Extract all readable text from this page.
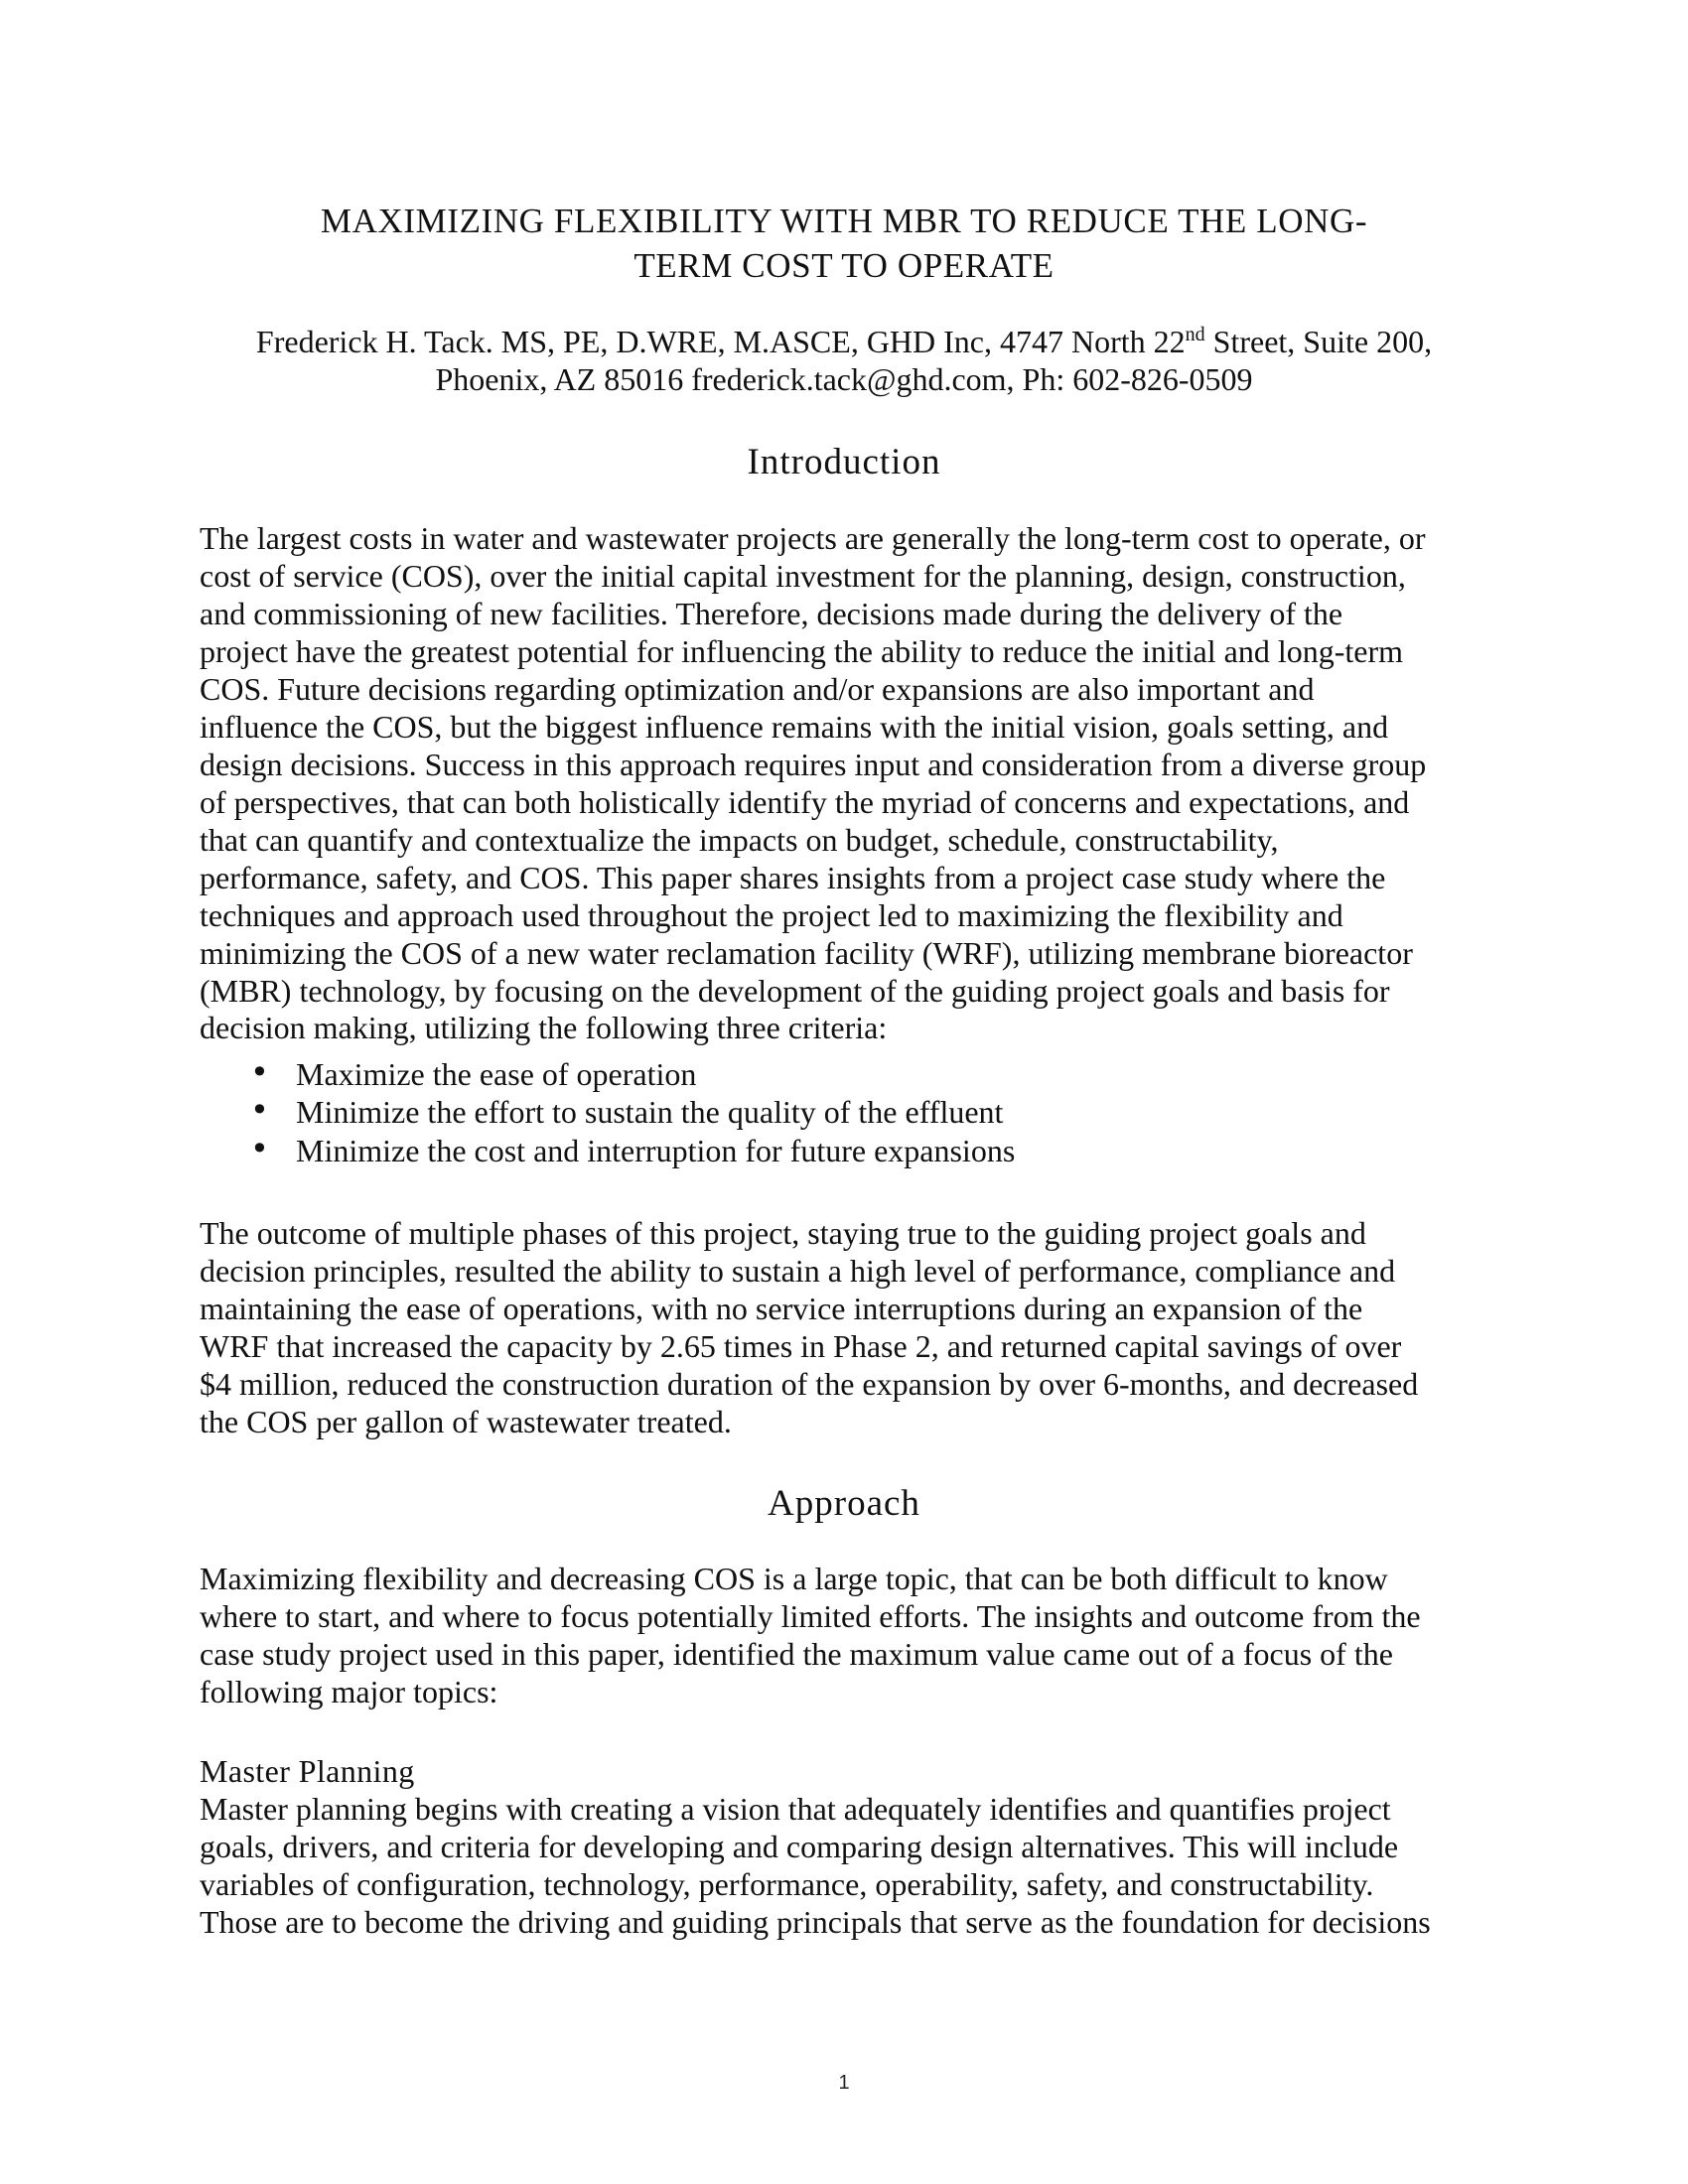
MAXIMIZING FLEXIBILITY WITH MBR TO REDUCE THE LONG-
TERM COST TO OPERATE
Frederick H. Tack. MS, PE, D.WRE, M.ASCE, GHD Inc, 4747 North 22nd Street, Suite 200,
Phoenix, AZ 85016 frederick.tack@ghd.com, Ph: 602-826-0509
Introduction
The largest costs in water and wastewater projects are generally the long-term cost to operate, or
cost of service (COS), over the initial capital investment for the planning, design, construction,
and commissioning of new facilities. Therefore, decisions made during the delivery of the
project have the greatest potential for influencing the ability to reduce the initial and long-term
COS. Future decisions regarding optimization and/or expansions are also important and
influence the COS, but the biggest influence remains with the initial vision, goals setting, and
design decisions. Success in this approach requires input and consideration from a diverse group
of perspectives, that can both holistically identify the myriad of concerns and expectations, and
that can quantify and contextualize the impacts on budget, schedule, constructability,
performance, safety, and COS. This paper shares insights from a project case study where the
techniques and approach used throughout the project led to maximizing the flexibility and
minimizing the COS of a new water reclamation facility (WRF), utilizing membrane bioreactor
(MBR) technology, by focusing on the development of the guiding project goals and basis for
decision making, utilizing the following three criteria:
• Maximize the ease of operation
• Minimize the effort to sustain the quality of the effluent
• Minimize the cost and interruption for future expansions
The outcome of multiple phases of this project, staying true to the guiding project goals and
decision principles, resulted the ability to sustain a high level of performance, compliance and
maintaining the ease of operations, with no service interruptions during an expansion of the
WRF that increased the capacity by 2.65 times in Phase 2, and returned capital savings of over
$4 million, reduced the construction duration of the expansion by over 6-months, and decreased
the COS per gallon of wastewater treated.
Approach
Maximizing flexibility and decreasing COS is a large topic, that can be both difficult to know
where to start, and where to focus potentially limited efforts. The insights and outcome from the
case study project used in this paper, identified the maximum value came out of a focus of the
following major topics:
Master Planning
Master planning begins with creating a vision that adequately identifies and quantifies project
goals, drivers, and criteria for developing and comparing design alternatives. This will include
variables of configuration, technology, performance, operability, safety, and constructability.
Those are to become the driving and guiding principals that serve as the foundation for decisions
1
